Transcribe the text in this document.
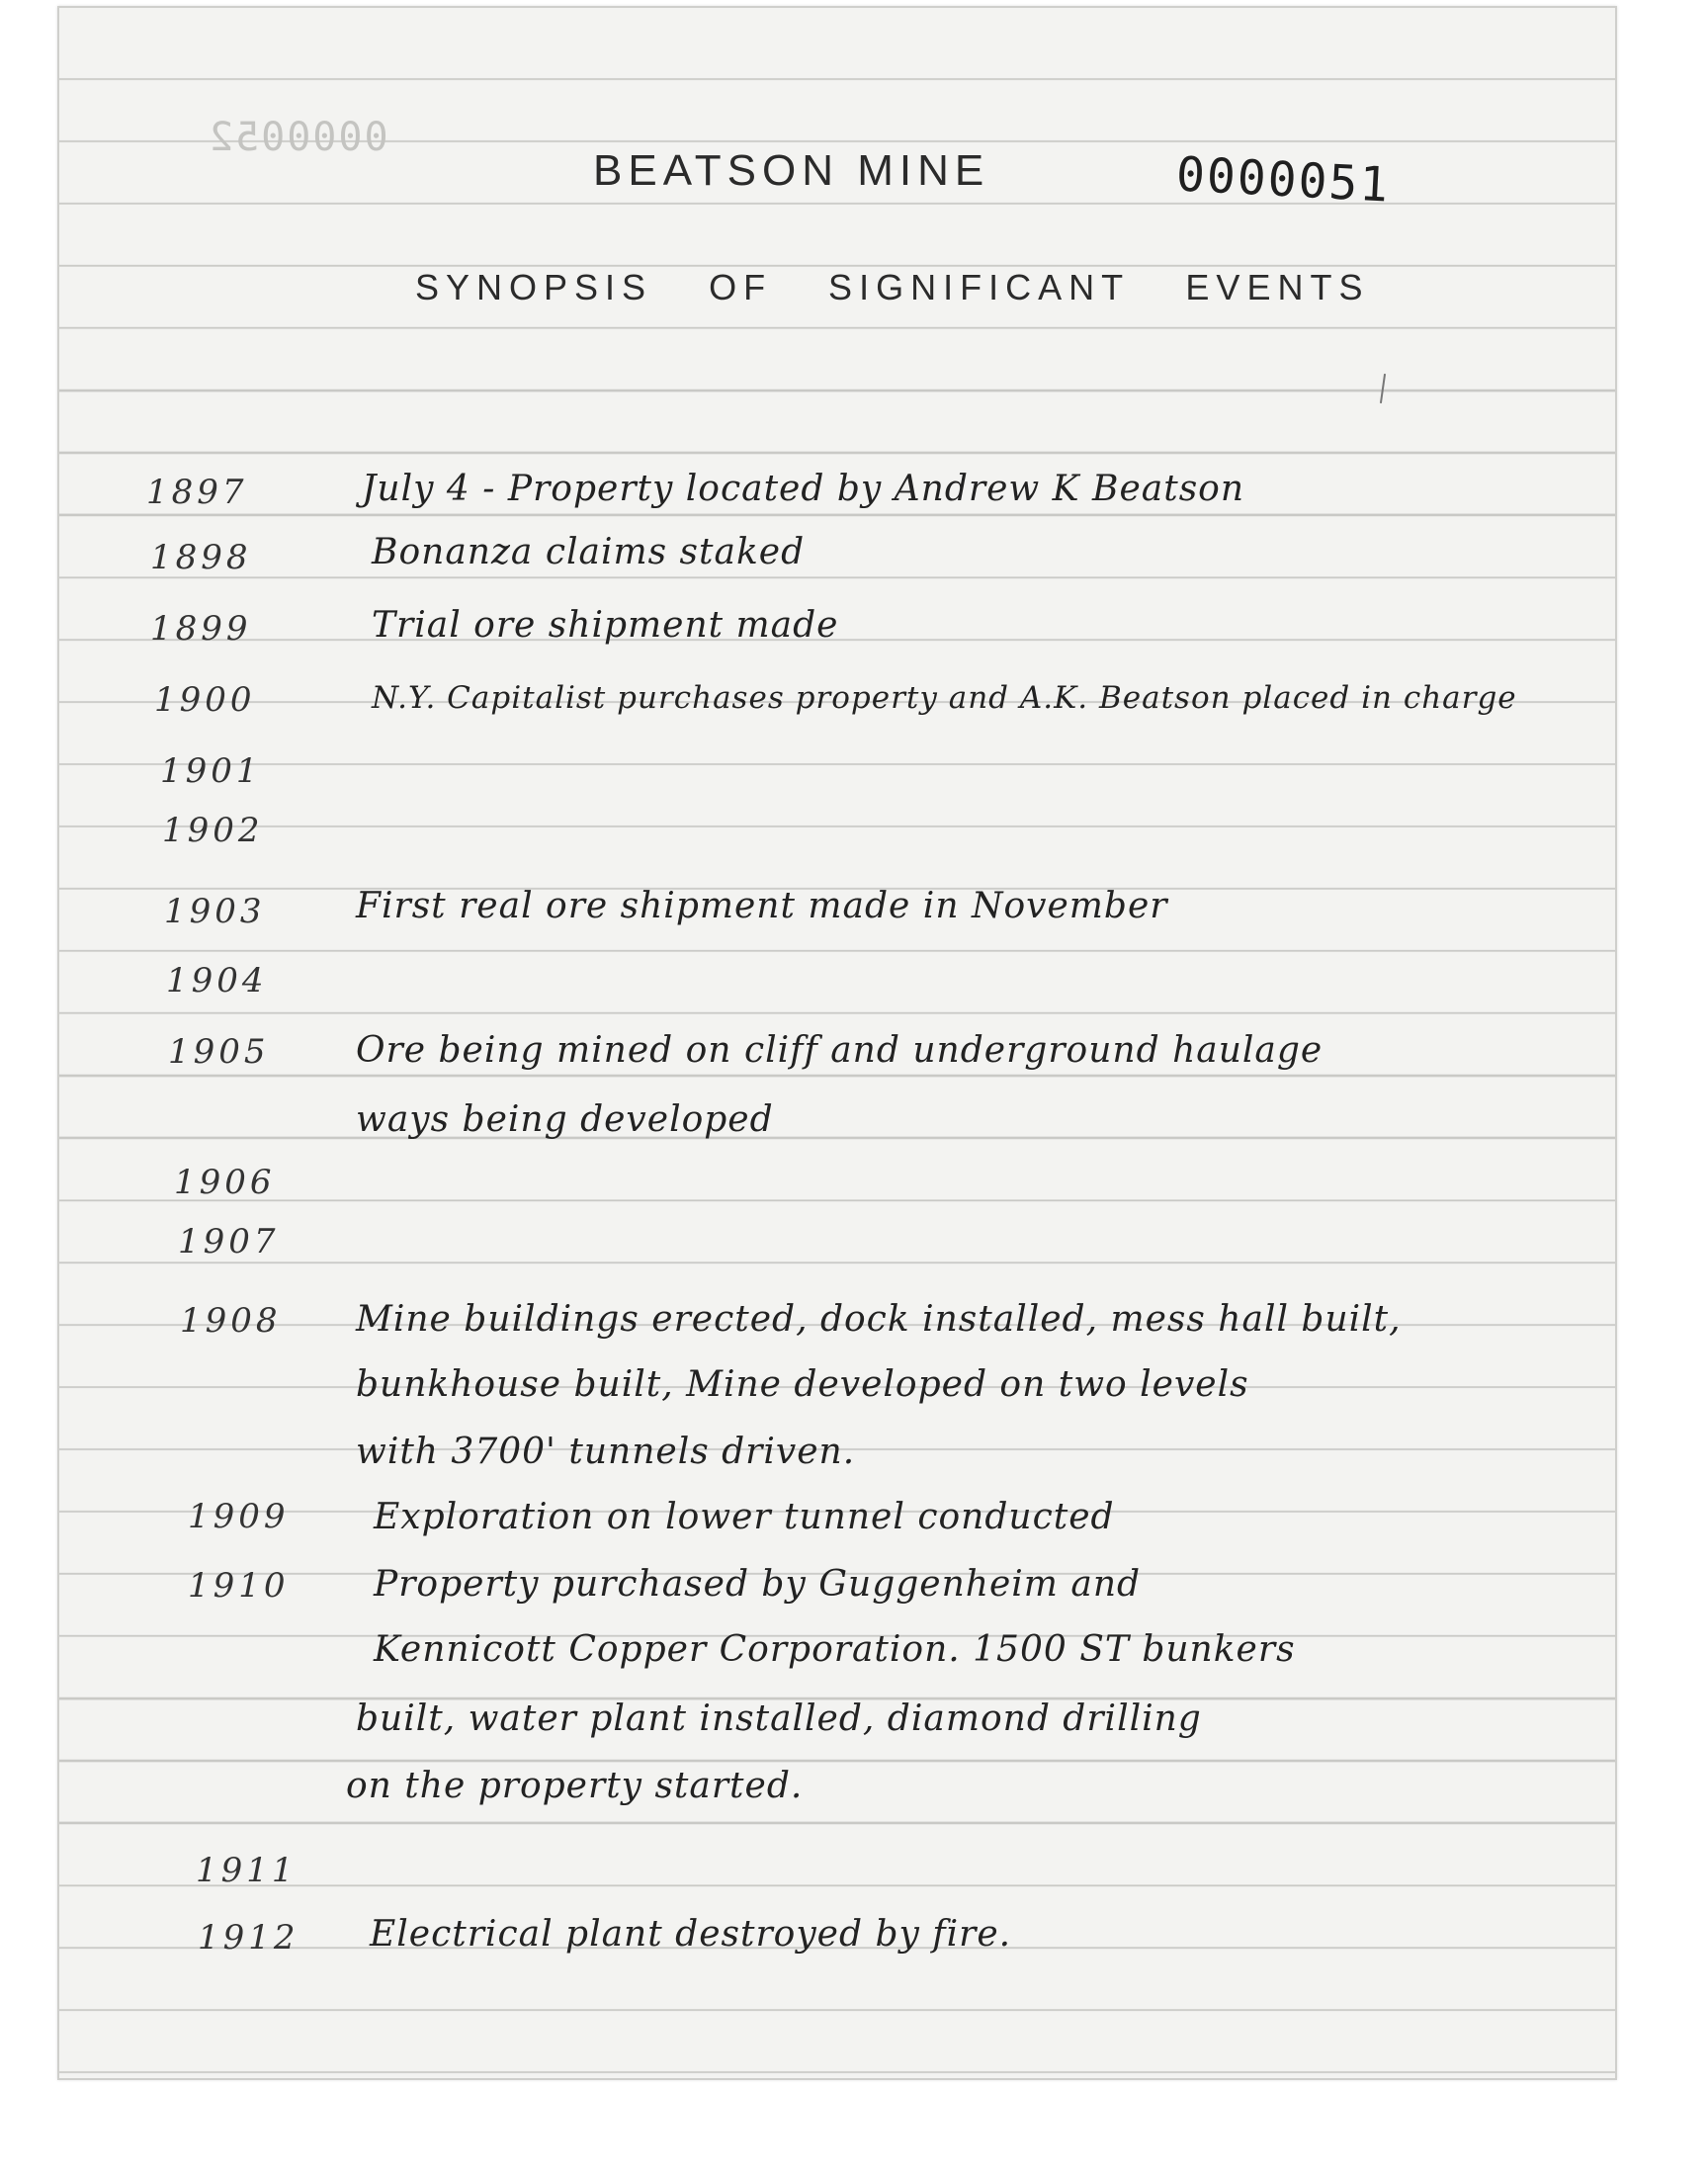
0000052
BEATSON MINE	0000051
SYNOPSIS OF SIGNIFICANT EVENTS
1897	July 4 - Property located by Andrew K Beatson
1898	Bonanza claims staked
1899	Trial ore shipment made
1900	N.Y. Capitalist purchases property and A.K. Beatson placed in charge
1901
1902
1903	First real ore shipment made in November
1904
1905 Ore being mined on cliff and underground haulage
ways being developed
1906
1907
1908 Mine buildings erected, dock installed, mess hall built,
bunkhouse built, Mine developed on two levels
with 3700' tunnels driven.
1909 Exploration on lower tunnel conducted
1910 Property purchased by Guggenheim and
Kennicott Copper Corporation. 1500 ST bunkers
built, water plant installed, diamond drilling
on the property started.
1911
1912 Electrical plant destroyed by fire.
